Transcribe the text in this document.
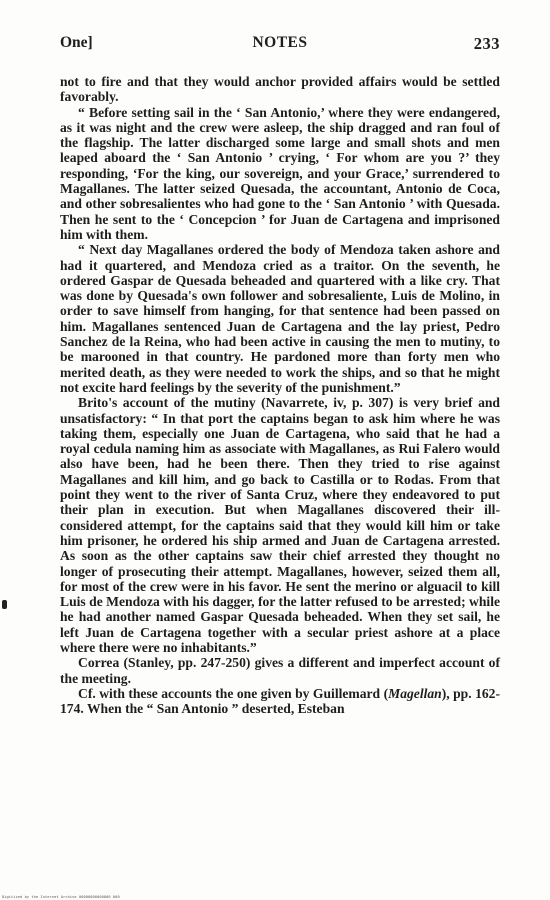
One]	NOTES	233

not to fire and that they would anchor provided affairs would be settled favorably.

“ Before setting sail in the ‘ San Antonio,’ where they were endangered, as it was night and the crew were asleep, the ship dragged and ran foul of the flagship. The latter discharged some large and small shots and men leaped aboard the ‘ San Antonio ’ crying, ‘ For whom are you ?’ they responding, ‘For the king, our sovereign, and your Grace,’ surrendered to Magallanes. The latter seized Quesada, the accountant, Antonio de Coca, and other sobresalientes who had gone to the ‘ San Antonio ’ with Quesada. Then he sent to the ‘ Concepcion ’ for Juan de Cartagena and imprisoned him with them.

“ Next day Magallanes ordered the body of Mendoza taken ashore and had it quartered, and Mendoza cried as a traitor. On the seventh, he ordered Gaspar de Quesada beheaded and quartered with a like cry. That was done by Quesada's own follower and sobresaliente, Luis de Molino, in order to save himself from hanging, for that sentence had been passed on him. Magallanes sentenced Juan de Cartagena and the lay priest, Pedro Sanchez de la Reina, who had been active in causing the men to mutiny, to be marooned in that country. He pardoned more than forty men who merited death, as they were needed to work the ships, and so that he might not excite hard feelings by the severity of the punishment.”

Brito's account of the mutiny (Navarrete, iv, p. 307) is very brief and unsatisfactory: “ In that port the captains began to ask him where he was taking them, especially one Juan de Cartagena, who said that he had a royal cedula naming him as associate with Magallanes, as Rui Falero would also have been, had he been there. Then they tried to rise against Magallanes and kill him, and go back to Castilla or to Rodas. From that point they went to the river of Santa Cruz, where they endeavored to put their plan in execution. But when Magallanes discovered their ill-considered attempt, for the captains said that they would kill him or take him prisoner, he ordered his ship armed and Juan de Cartagena arrested. As soon as the other captains saw their chief arrested they thought no longer of prosecuting their attempt. Magallanes, however, seized them all, for most of the crew were in his favor. He sent the merino or alguacil to kill Luis de Mendoza with his dagger, for the latter refused to be arrested; while he had another named Gaspar Quesada beheaded. When they set sail, he left Juan de Cartagena together with a secular priest ashore at a place where there were no inhabitants.”

Correa (Stanley, pp. 247-250) gives a different and imperfect account of the meeting.

Cf. with these accounts the one given by Guillemard (Magellan), pp. 162-174. When the “ San Antonio ” deserted, Esteban

Digitized by the Internet Archive 00000000000000 000
